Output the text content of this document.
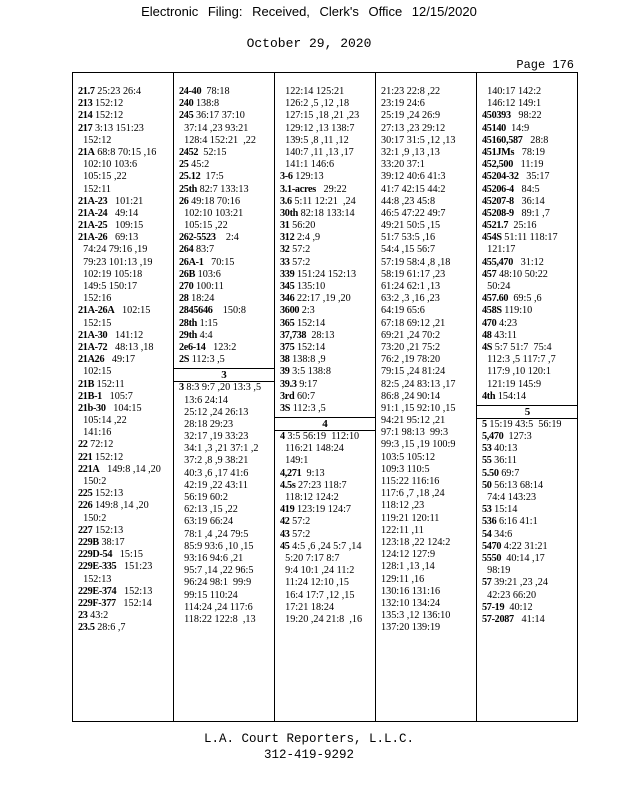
Electronic Filing: Received, Clerk's Office 12/15/2020
October 29, 2020
Page 176
21.7 25:23 26:4
213 152:12
214 152:12
217 3:13 151:23
152:12
21A 68:8 70:15 ,16
102:10 103:6
105:15 ,22
152:11
21A-23   101:21
21A-24   49:14
21A-25   109:15
21A-26   69:13
74:24 79:16 ,19
79:23 101:13 ,19
102:19 105:18
149:5 150:17
152:16
21A-26A   102:15
152:15
21A-30   141:12
21A-72   48:13 ,18
21A26   49:17
102:15
21B 152:11
21B-1   105:7
21b-30   104:15
105:14 ,22
141:16
22 72:12
221 152:12
221A   149:8 ,14 ,20
150:2
225 152:13
226 149:8 ,14 ,20
150:2
227 152:13
229B 38:17
229D-54   15:15
229E-335   151:23
152:13
229E-374   152:13
229F-377   152:14
23 43:2
23.5 28:6 ,7
24-40  78:18
240 138:8
245 36:17 37:10
37:14 ,23 93:21
128:4 152:21  ,22
2452  52:15
25 45:2
25.12  17:5
25th 82:7 133:13
26 49:18 70:16
102:10 103:21
105:15 ,22
262-5523    2:4
264 83:7
26A-1   70:15
26B 103:6
270 100:11
28 18:24
2845646    150:8
28th 1:15
29th 4:4
2e6-14   123:2
2S 112:3 ,5
3
3 8:3 9:7 ,20 13:3 ,5
13:6 24:14
25:12 ,24 26:13
28:18 29:23
32:17 ,19 33:23
34:1 ,3 ,21 37:1 ,2
37:2 ,8 ,9 38:21
40:3 ,6 ,17 41:6
42:19 ,22 43:11
56:19 60:2
62:13 ,15 ,22
63:19 66:24
78:1 ,4 ,24 79:5
85:9 93:6 ,10 ,15
93:16 94:6 ,21
95:7 ,14 ,22 96:5
96:24 98:1  99:9
99:15 110:24
114:24 ,24 117:6
118:22 122:8  ,13
122:14 125:21
126:2 ,5 ,12 ,18
127:15 ,18 ,21 ,23
129:12 ,13 138:7
139:5 ,8 ,11 ,12
140:7 ,11 ,13 ,17
141:1 146:6
3-6 129:13
3.1-acres   29:22
3.6 5:11 12:21  ,24
30th 82:18 133:14
31 56:20
312 2:4 ,9
32 57:2
33 57:2
339 151:24 152:13
345 135:10
346 22:17 ,19 ,20
3600 2:3
365 152:14
37,738  28:13
375 152:14
38 138:8 ,9
39 3:5 138:8
39.3 9:17
3rd 60:7
3S 112:3 ,5
4
4 3:5 56:19  112:10
116:21 148:24
149:1
4,271  9:13
4.5s 27:23 118:7
118:12 124:2
419 123:19 124:7
42 57:2
43 57:2
45 4:5 ,6 ,24 5:7 ,14
5:20 7:17 8:7
9:4 10:1 ,24 11:2
11:24 12:10 ,15
16:4 17:7 ,12 ,15
17:21 18:24
19:20 ,24 21:8  ,16
21:23 22:8 ,22
23:19 24:6
25:19 ,24 26:9
27:13 ,23 29:12
30:17 31:5 ,12 ,13
32:1 ,9 ,13 ,13
33:20 37:1
39:12 40:6 41:3
41:7 42:15 44:2
44:8 ,23 45:8
46:5 47:22 49:7
49:21 50:5 ,15
51:7 53:5 ,16
54:4 ,15 56:7
57:19 58:4 ,8 ,18
58:19 61:17 ,23
61:24 62:1 ,13
63:2 ,3 ,16 ,23
64:19 65:6
67:18 69:12 ,21
69:21 ,24 70:2
73:20 ,21 75:2
76:2 ,19 78:20
79:15 ,24 81:24
82:5 ,24 83:13 ,17
86:8 ,24 90:14
91:1 ,15 92:10 ,15
94:21 95:12 ,21
97:1 98:13  99:3
99:3 ,15 ,19 100:9
103:5 105:12
109:3 110:5
115:22 116:16
117:6 ,7 ,18 ,24
118:12 ,23
119:21 120:11
122:11 ,11
123:18 ,22 124:2
124:12 127:9
128:1 ,13 ,14
129:11 ,16
130:16 131:16
132:10 134:24
135:3 ,12 136:10
137:20 139:19
140:17 142:2
146:12 149:1
450393   98:22
45140  14:9
45160,587   28:8
451JMs   78:19
452,500   11:19
45204-32   35:17
45206-4   84:5
45207-8   36:14
45208-9   89:1 ,7
4521.7  25:16
454S 51:11 118:17
121:17
455,470   31:12
457 48:10 50:22
50:24
457.60  69:5 ,6
458S 119:10
470 4:23
48 43:11
4S 5:7 51:7  75:4
112:3 ,5 117:7 ,7
117:9 ,10 120:1
121:19 145:9
4th 154:14
5
5 15:19 43:5  56:19
5,470  127:3
53 40:13
55 36:11
5.50 69:7
50 56:13 68:14
74:4 143:23
53 15:14
536 6:16 41:1
54 34:6
5470 4:22 31:21
5550  40:14 ,17
98:19
57 39:21 ,23 ,24
42:23 66:20
57-19  40:12
57-2087   41:14
L.A. Court Reporters, L.L.C.
312-419-9292
